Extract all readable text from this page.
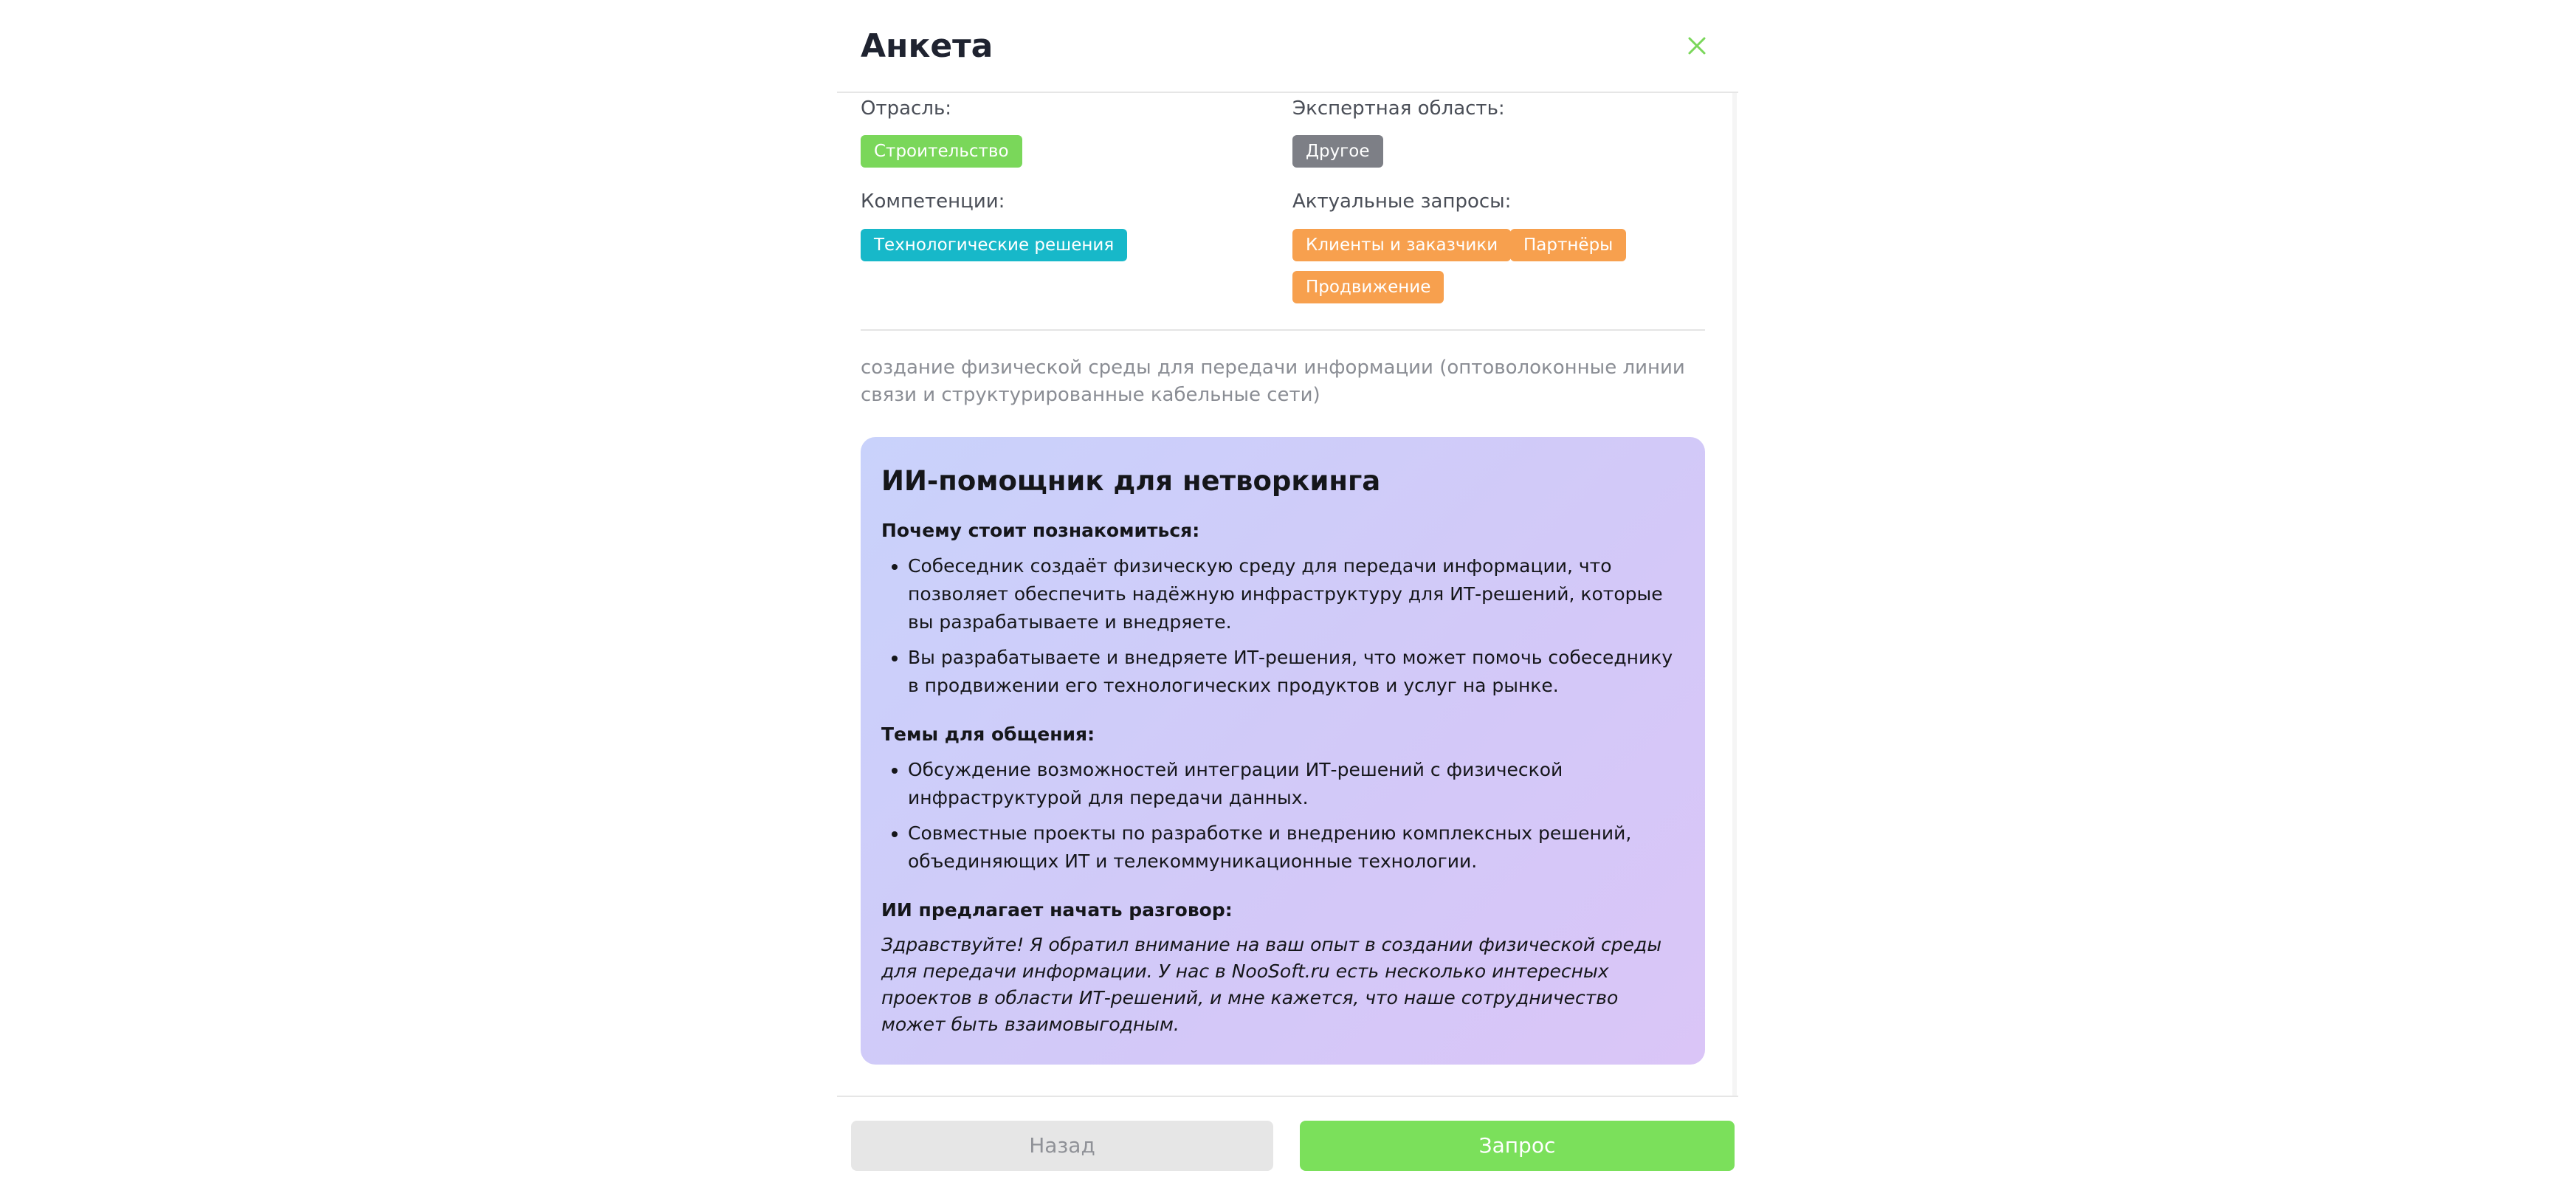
Анкета
Отрасль:
Строительство
Экспертная область:
Другое
Компетенции:
Технологические решения
Актуальные запросы:
Клиенты и заказчики	Партнёры
Продвижение
создание физической среды для передачи информации (оптоволоконные линии связи и структурированные кабельные сети)
ИИ-помощник для нетворкинга
Почему стоит познакомиться:
• Собеседник создаёт физическую среду для передачи информации, что позволяет обеспечить надёжную инфраструктуру для ИТ-решений, которые вы разрабатываете и внедряете.
• Вы разрабатываете и внедряете ИТ-решения, что может помочь собеседнику в продвижении его технологических продуктов и услуг на рынке.
Темы для общения:
• Обсуждение возможностей интеграции ИТ-решений с физической инфраструктурой для передачи данных.
• Совместные проекты по разработке и внедрению комплексных решений, объединяющих ИТ и телекоммуникационные технологии.
ИИ предлагает начать разговор:

Здравствуйте! Я обратил внимание на ваш опыт в создании физической среды для передачи информации. У нас в NooSoft.ru есть несколько интересных проектов в области ИТ-решений, и мне кажется, что наше сотрудничество может быть взаимовыгодным.

Назад	Запрос
